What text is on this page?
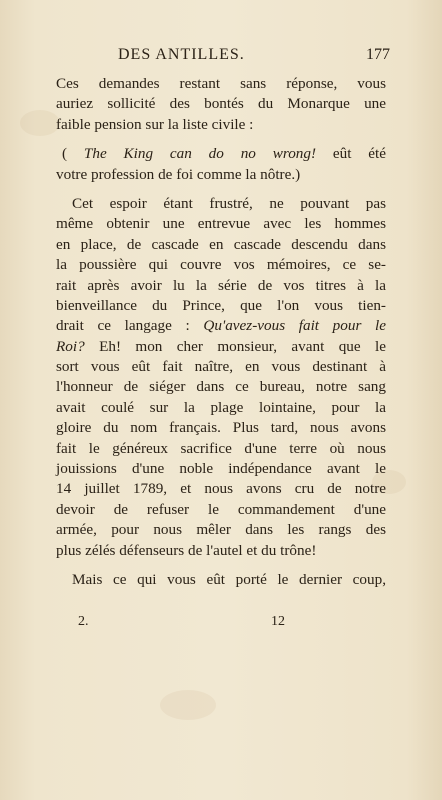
DES ANTILLES.	177
Ces demandes restant sans réponse, vous
auriez sollicité des bontés du Monarque une
faible pension sur la liste civile :
( The King can do no wrong! eût été
votre profession de foi comme la nôtre.)
Cet espoir étant frustré, ne pouvant pas
même obtenir une entrevue avec les hommes
en place, de cascade en cascade descendu dans
la poussière qui couvre vos mémoires, ce se-
rait après avoir lu la série de vos titres à la
bienveillance du Prince, que l'on vous tien-
drait ce langage : Qu'avez-vous fait pour le
Roi? Eh! mon cher monsieur, avant que le
sort vous eût fait naître, en vous destinant à
l'honneur de siéger dans ce bureau, notre sang
avait coulé sur la plage lointaine, pour la
gloire du nom français. Plus tard, nous avons
fait le généreux sacrifice d'une terre où nous
jouissions d'une noble indépendance avant le
14 juillet 1789, et nous avons cru de notre
devoir de refuser le commandement d'une
armée, pour nous mêler dans les rangs des
plus zélés défenseurs de l'autel et du trône!
Mais ce qui vous eût porté le dernier coup,
2.	12
